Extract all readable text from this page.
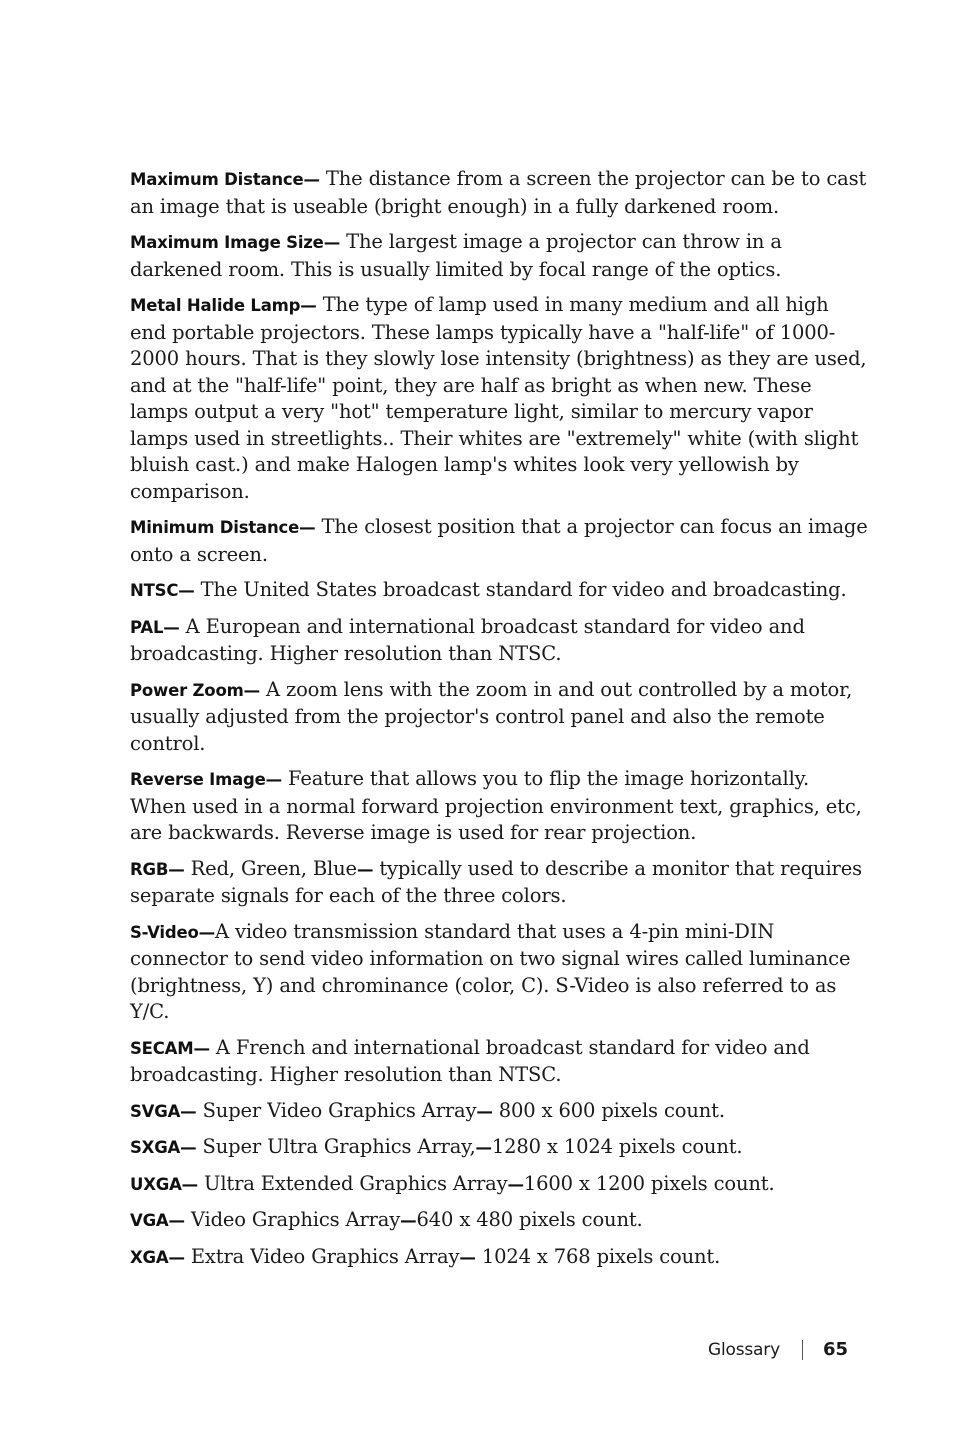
Maximum Distance— The distance from a screen the projector can be to cast an image that is useable (bright enough) in a fully darkened room.

Maximum Image Size— The largest image a projector can throw in a darkened room. This is usually limited by focal range of the optics.

Metal Halide Lamp— The type of lamp used in many medium and all high end portable projectors. These lamps typically have a "half-life" of 1000-2000 hours. That is they slowly lose intensity (brightness) as they are used, and at the "half-life" point, they are half as bright as when new. These lamps output a very "hot" temperature light, similar to mercury vapor lamps used in streetlights.. Their whites are "extremely" white (with slight bluish cast.) and make Halogen lamp's whites look very yellowish by comparison.

Minimum Distance— The closest position that a projector can focus an image onto a screen.

NTSC— The United States broadcast standard for video and broadcasting.

PAL— A European and international broadcast standard for video and broadcasting. Higher resolution than NTSC.

Power Zoom— A zoom lens with the zoom in and out controlled by a motor, usually adjusted from the projector's control panel and also the remote control.

Reverse Image— Feature that allows you to flip the image horizontally. When used in a normal forward projection environment text, graphics, etc, are backwards. Reverse image is used for rear projection.

RGB— Red, Green, Blue— typically used to describe a monitor that requires separate signals for each of the three colors.

S-Video—A video transmission standard that uses a 4-pin mini-DIN connector to send video information on two signal wires called luminance (brightness, Y) and chrominance (color, C). S-Video is also referred to as Y/C.

SECAM— A French and international broadcast standard for video and broadcasting. Higher resolution than NTSC.

SVGA— Super Video Graphics Array— 800 x 600 pixels count.

SXGA— Super Ultra Graphics Array,—1280 x 1024 pixels count.

UXGA— Ultra Extended Graphics Array—1600 x 1200 pixels count.

VGA— Video Graphics Array—640 x 480 pixels count.

XGA— Extra Video Graphics Array— 1024 x 768 pixels count.

Glossary 65
